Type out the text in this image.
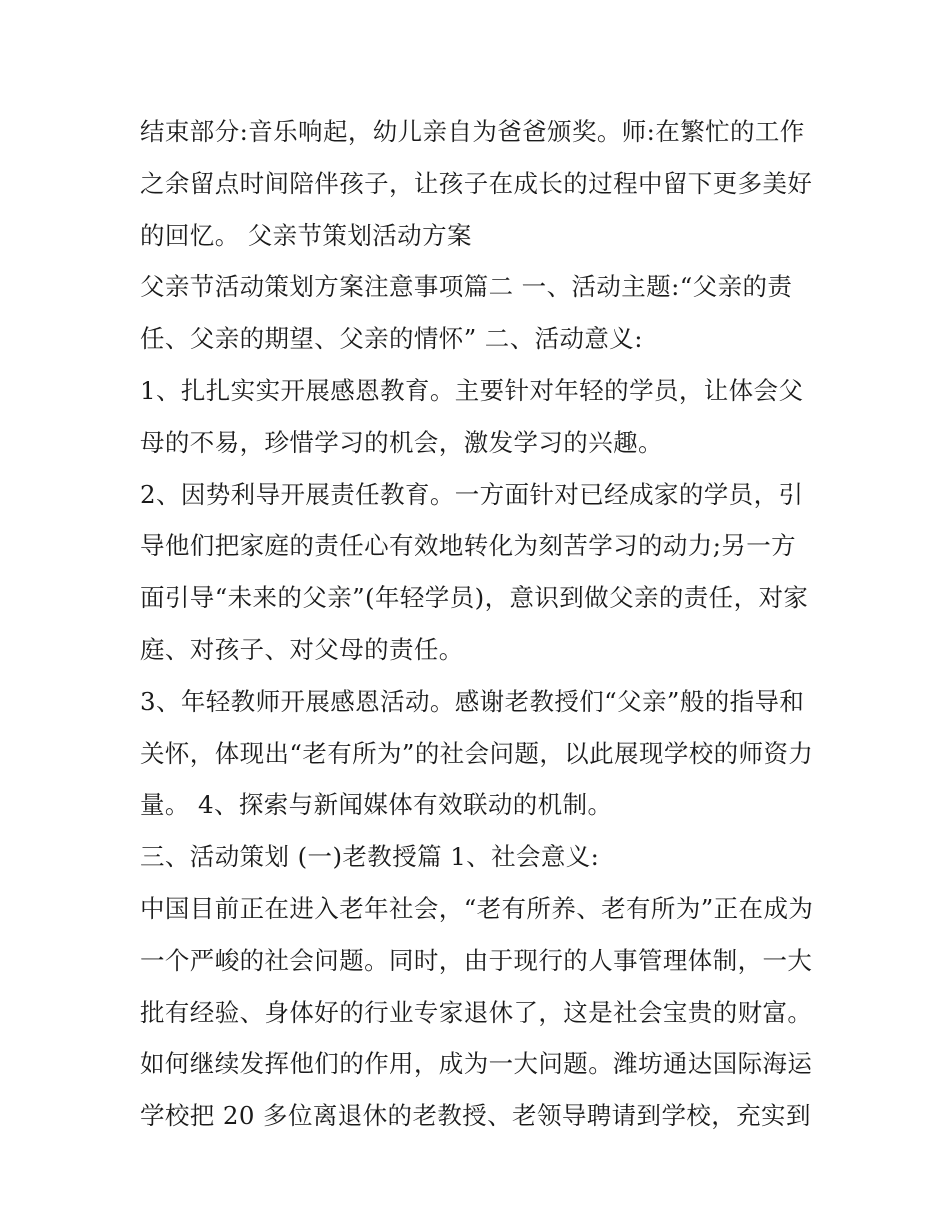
结束部分:音乐响起，幼儿亲自为爸爸颁奖。师:在繁忙的工作
之余留点时间陪伴孩子，让孩子在成长的过程中留下更多美好
的回忆。 父亲节策划活动方案
父亲节活动策划方案注意事项篇二 一、活动主题:“父亲的责
任、父亲的期望、父亲的情怀” 二、活动意义:
1、扎扎实实开展感恩教育。主要针对年轻的学员，让体会父
母的不易，珍惜学习的机会，激发学习的兴趣。
2、因势利导开展责任教育。一方面针对已经成家的学员，引
导他们把家庭的责任心有效地转化为刻苦学习的动力;另一方
面引导“未来的父亲”(年轻学员)，意识到做父亲的责任，对家
庭、对孩子、对父母的责任。
3、年轻教师开展感恩活动。感谢老教授们“父亲”般的指导和
关怀，体现出“老有所为”的社会问题，以此展现学校的师资力
量。 4、探索与新闻媒体有效联动的机制。
三、活动策划 (一)老教授篇 1、社会意义:
中国目前正在进入老年社会，“老有所养、老有所为”正在成为
一个严峻的社会问题。同时，由于现行的人事管理体制，一大
批有经验、身体好的行业专家退休了，这是社会宝贵的财富。
如何继续发挥他们的作用，成为一大问题。潍坊通达国际海运
学校把 20 多位离退休的老教授、老领导聘请到学校，充实到
